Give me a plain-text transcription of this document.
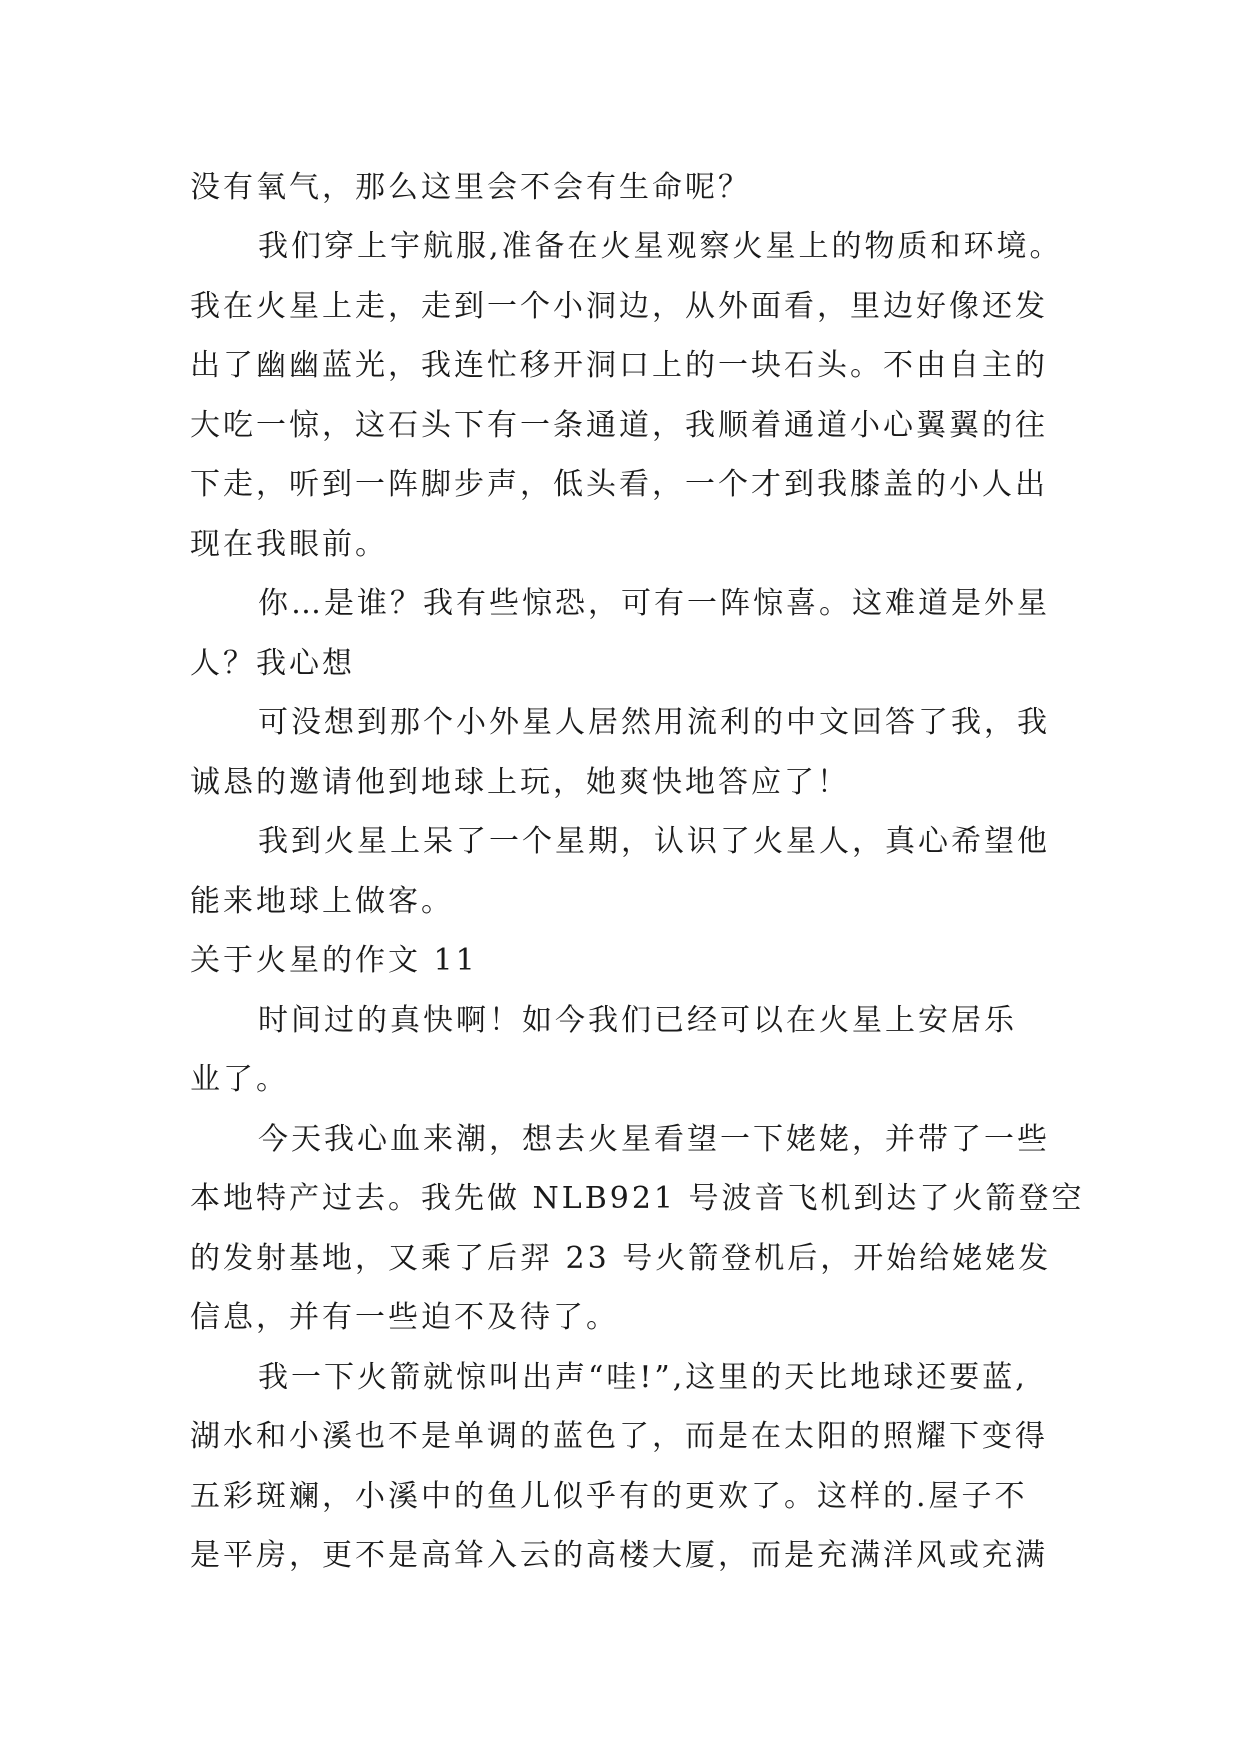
没有氧气，那么这里会不会有生命呢？
我们穿上宇航服,准备在火星观察火星上的物质和环境。
我在火星上走，走到一个小洞边，从外面看，里边好像还发
出了幽幽蓝光，我连忙移开洞口上的一块石头。不由自主的
大吃一惊，这石头下有一条通道，我顺着通道小心翼翼的往
下走，听到一阵脚步声，低头看，一个才到我膝盖的小人出
现在我眼前。
你…是谁？我有些惊恐，可有一阵惊喜。这难道是外星
人？我心想
可没想到那个小外星人居然用流利的中文回答了我，我
诚恳的邀请他到地球上玩，她爽快地答应了！
我到火星上呆了一个星期，认识了火星人，真心希望他
能来地球上做客。
关于火星的作文 11
时间过的真快啊！如今我们已经可以在火星上安居乐
业了。
今天我心血来潮，想去火星看望一下姥姥，并带了一些
本地特产过去。我先做 NLB921 号波音飞机到达了火箭登空
的发射基地，又乘了后羿 23 号火箭登机后，开始给姥姥发
信息，并有一些迫不及待了。
我一下火箭就惊叫出声“哇!”,这里的天比地球还要蓝,
湖水和小溪也不是单调的蓝色了，而是在太阳的照耀下变得
五彩斑斓，小溪中的鱼儿似乎有的更欢了。这样的.屋子不
是平房，更不是高耸入云的高楼大厦，而是充满洋风或充满
